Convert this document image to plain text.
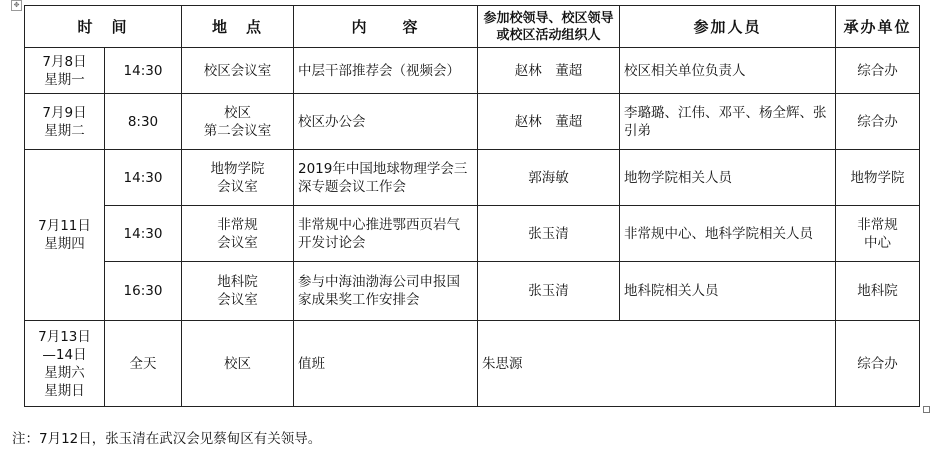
✥
时　间		地　点	内　　容	参加校领导、校区领导或校区活动组织人	参加人员	承办单位

7月8日
星期一	14:30	校区会议室	中层干部推荐会（视频会）	赵林　董超	校区相关单位负责人	综合办
7月9日
星期二	8:30	校区
第二会议室	校区办公会	赵林　董超	李璐璐、江伟、邓平、杨全辉、张引弟	综合办
7月11日
星期四	14:30	地物学院
会议室	2019年中国地球物理学会三深专题会议工作会	郭海敏	地物学院相关人员	地物学院
	14:30	非常规
会议室	非常规中心推进鄂西页岩气开发讨论会	张玉清	非常规中心、地科学院相关人员	非常规
中心
	16:30	地科院
会议室	参与中海油渤海公司申报国家成果奖工作安排会	张玉清	地科院相关人员	地科院
7月13日
—14日
星期六
星期日	全天	校区	值班	朱思源		综合办
注：7月12日，张玉清在武汉会见蔡甸区有关领导。
